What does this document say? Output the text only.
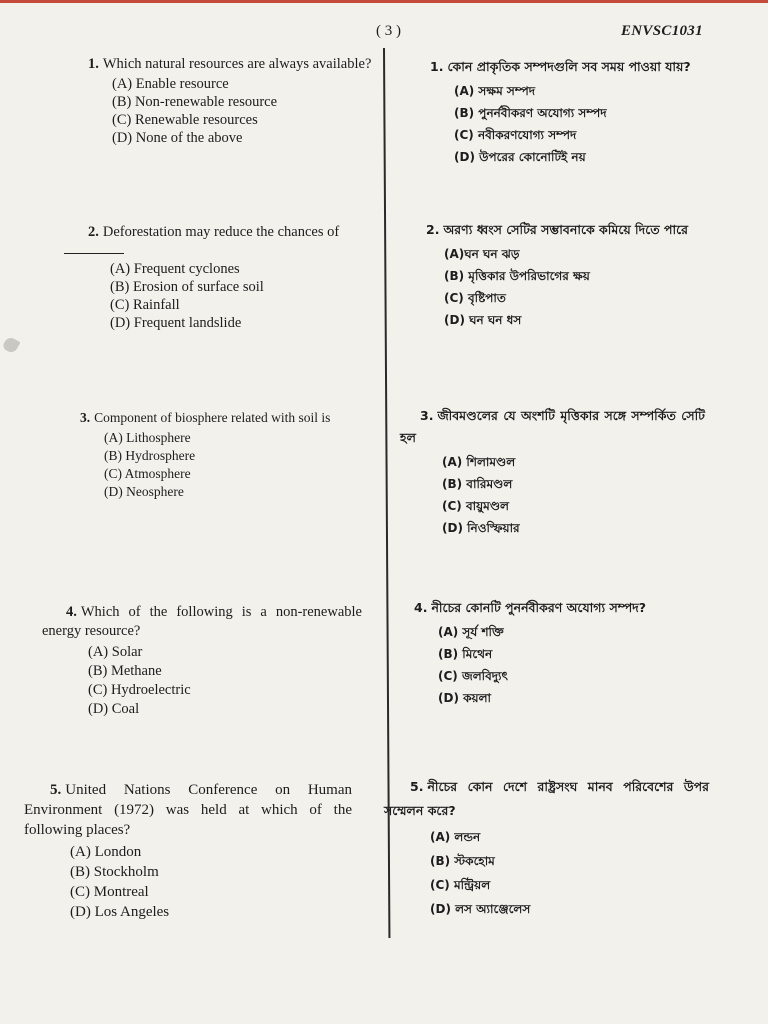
( 3 )	ENVSC1031

1. Which natural resources are always available?

(A) Enable resource
(B) Non-renewable resource
(C) Renewable resources
(D) None of the above

2. Deforestation may reduce the chances of

(A) Frequent cyclones
(B) Erosion of surface soil
(C) Rainfall
(D) Frequent landslide

3. Component of biosphere related with soil is

(A) Lithosphere
(B) Hydrosphere
(C) Atmosphere
(D) Neosphere

4. Which of the following is a non-renewable energy resource?

(A) Solar
(B) Methane
(C) Hydroelectric
(D) Coal

5. United Nations Conference on Human Environment (1972) was held at which of the following places?

(A) London
(B) Stockholm
(C) Montreal
(D) Los Angeles

1. কোন প্রাকৃতিক সম্পদগুলি সব সময় পাওয়া যায়?

(A) সক্ষম সম্পদ
(B) পুনর্নবীকরণ অযোগ্য সম্পদ
(C) নবীকরণযোগ্য সম্পদ
(D) উপরের কোনোটিই নয়

2. অরণ্য ধ্বংস সেটির সম্ভাবনাকে কমিয়ে দিতে পারে

(A)ঘন ঘন ঝড়
(B) মৃত্তিকার উপরিভাগের ক্ষয়
(C) বৃষ্টিপাত
(D) ঘন ঘন ধস

3. জীবমণ্ডলের যে অংশটি মৃত্তিকার সঙ্গে সম্পর্কিত সেটি হল

(A) শিলামণ্ডল
(B) বারিমণ্ডল
(C) বায়ুমণ্ডল
(D) নিওস্ফিয়ার

4. নীচের কোনটি পুনর্নবীকরণ অযোগ্য সম্পদ?

(A) সূর্য শক্তি
(B) মিথেন
(C) জলবিদ্যুৎ
(D) কয়লা

5. নীচের কোন দেশে রাষ্ট্রসংঘ মানব পরিবেশের উপর সম্মেলন করে?

(A) লন্ডন
(B) স্টকহোম
(C) মন্ট্রিয়ল
(D) লস অ্যাঞ্জেলেস
